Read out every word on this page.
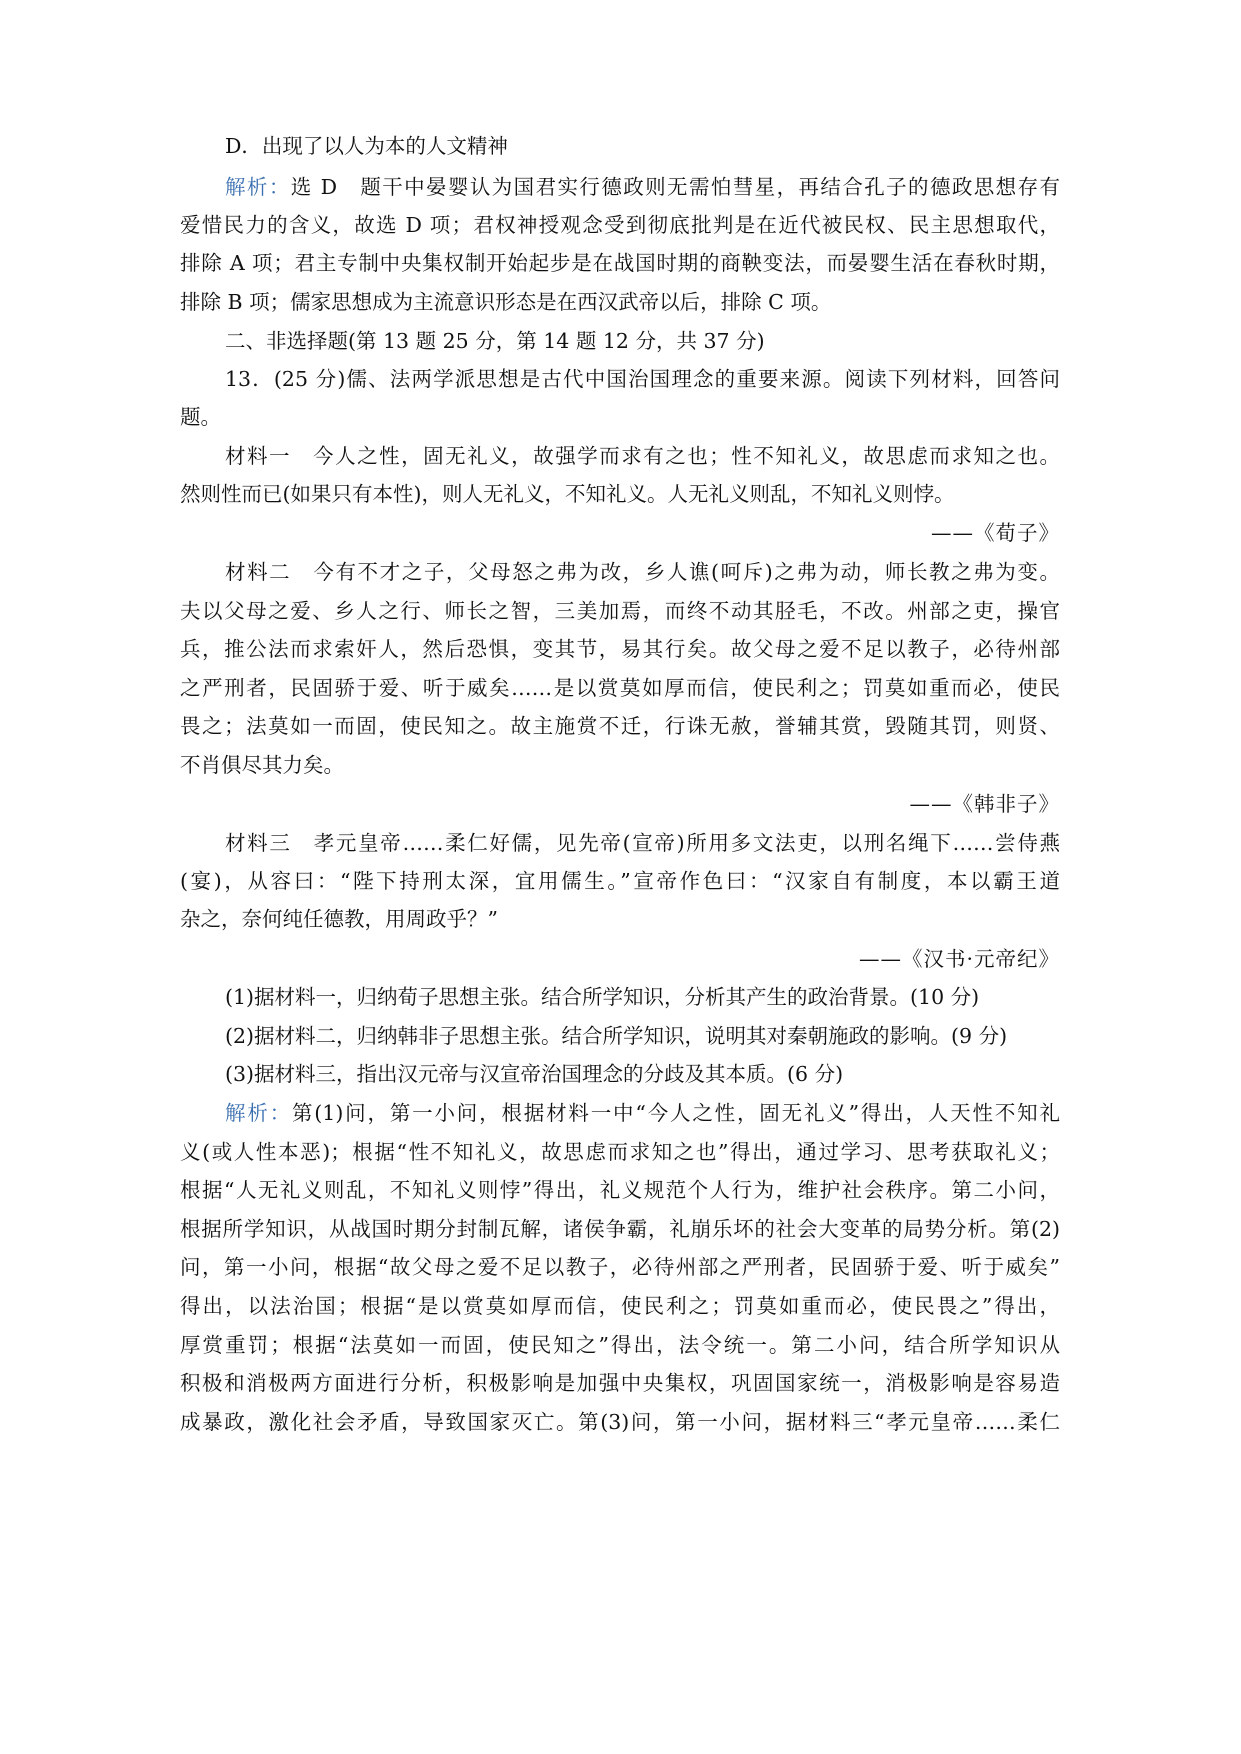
D．出现了以人为本的人文精神
解析：选 D　题干中晏婴认为国君实行德政则无需怕彗星，再结合孔子的德政思想存有
爱惜民力的含义，故选 D 项；君权神授观念受到彻底批判是在近代被民权、民主思想取代，
排除 A 项；君主专制中央集权制开始起步是在战国时期的商鞅变法，而晏婴生活在春秋时期，
排除 B 项；儒家思想成为主流意识形态是在西汉武帝以后，排除 C 项。
二、非选择题(第 13 题 25 分，第 14 题 12 分，共 37 分)
13．(25 分)儒、法两学派思想是古代中国治国理念的重要来源。阅读下列材料，回答问
题。
材料一　今人之性，固无礼义，故强学而求有之也；性不知礼义，故思虑而求知之也。
然则性而已(如果只有本性)，则人无礼义，不知礼义。人无礼义则乱，不知礼义则悖。
——《荀子》
材料二　今有不才之子，父母怒之弗为改，乡人谯(呵斥)之弗为动，师长教之弗为变。
夫以父母之爱、乡人之行、师长之智，三美加焉，而终不动其胫毛，不改。州部之吏，操官
兵，推公法而求索奸人，然后恐惧，变其节，易其行矣。故父母之爱不足以教子，必待州部
之严刑者，民固骄于爱、听于威矣……是以赏莫如厚而信，使民利之；罚莫如重而必，使民
畏之；法莫如一而固，使民知之。故主施赏不迁，行诛无赦，誉辅其赏，毁随其罚，则贤、
不肖俱尽其力矣。
——《韩非子》
材料三　孝元皇帝……柔仁好儒，见先帝(宣帝)所用多文法吏，以刑名绳下……尝侍燕
(宴)，从容曰：“陛下持刑太深，宜用儒生。”宣帝作色曰：“汉家自有制度，本以霸王道
杂之，奈何纯任德教，用周政乎？”
——《汉书·元帝纪》
(1)据材料一，归纳荀子思想主张。结合所学知识，分析其产生的政治背景。(10 分)
(2)据材料二，归纳韩非子思想主张。结合所学知识，说明其对秦朝施政的影响。(9 分)
(3)据材料三，指出汉元帝与汉宣帝治国理念的分歧及其本质。(6 分)
解析：第(1)问，第一小问，根据材料一中“今人之性，固无礼义”得出，人天性不知礼
义(或人性本恶)；根据“性不知礼义，故思虑而求知之也”得出，通过学习、思考获取礼义；
根据“人无礼义则乱，不知礼义则悖”得出，礼义规范个人行为，维护社会秩序。第二小问，
根据所学知识，从战国时期分封制瓦解，诸侯争霸，礼崩乐坏的社会大变革的局势分析。第(2)
问，第一小问，根据“故父母之爱不足以教子，必待州部之严刑者，民固骄于爱、听于威矣”
得出，以法治国；根据“是以赏莫如厚而信，使民利之；罚莫如重而必，使民畏之”得出，
厚赏重罚；根据“法莫如一而固，使民知之”得出，法令统一。第二小问，结合所学知识从
积极和消极两方面进行分析，积极影响是加强中央集权，巩固国家统一，消极影响是容易造
成暴政，激化社会矛盾，导致国家灭亡。第(3)问，第一小问，据材料三“孝元皇帝……柔仁
